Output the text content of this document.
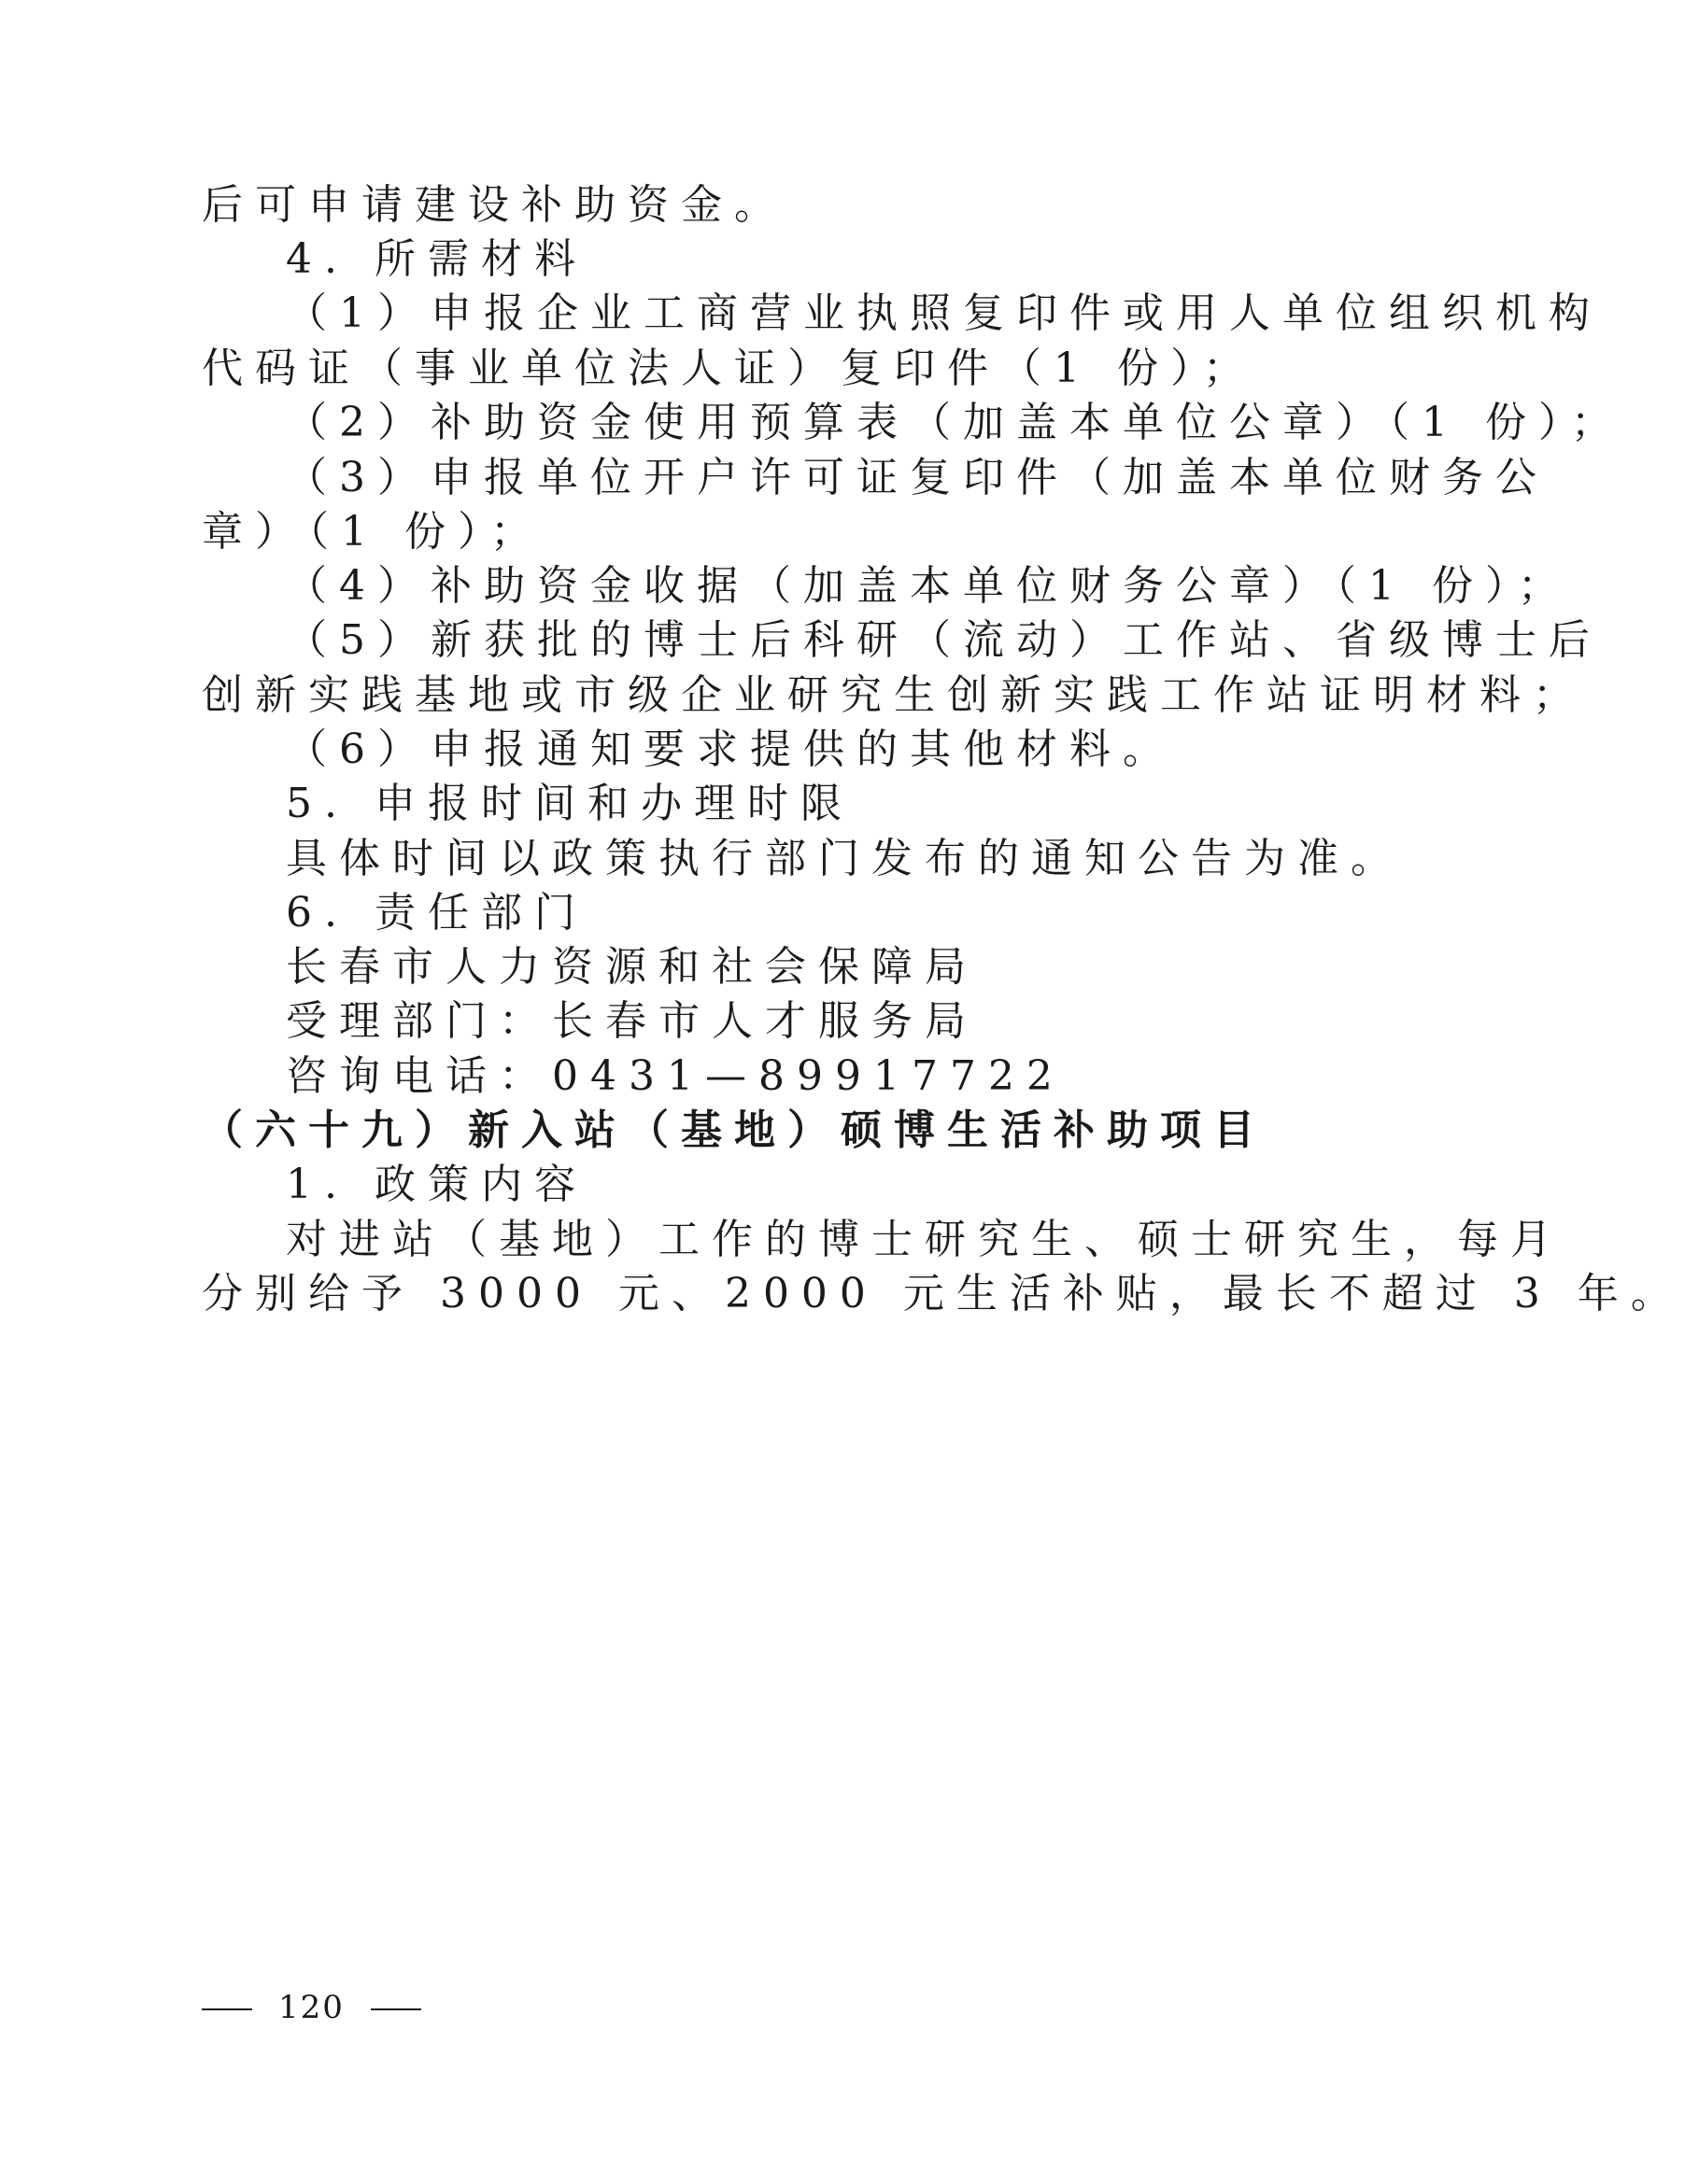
后可申请建设补助资金。
4. 所需材料
（1）申报企业工商营业执照复印件或用人单位组织机构
代码证（事业单位法人证）复印件（1 份）；
（2）补助资金使用预算表（加盖本单位公章）（1 份）；
（3）申报单位开户许可证复印件（加盖本单位财务公
章）（1 份）；
（4）补助资金收据（加盖本单位财务公章）（1 份）；
（5）新获批的博士后科研（流动）工作站、省级博士后
创新实践基地或市级企业研究生创新实践工作站证明材料；
（6）申报通知要求提供的其他材料。
5. 申报时间和办理时限
具体时间以政策执行部门发布的通知公告为准。
6. 责任部门
长春市人力资源和社会保障局
受理部门：长春市人才服务局
咨询电话：0431—89917722
（六十九）新入站（基地）硕博生活补助项目
1. 政策内容
对进站（基地）工作的博士研究生、硕士研究生，每月
分别给予 3000 元、2000 元生活补贴，最长不超过 3 年。
120
